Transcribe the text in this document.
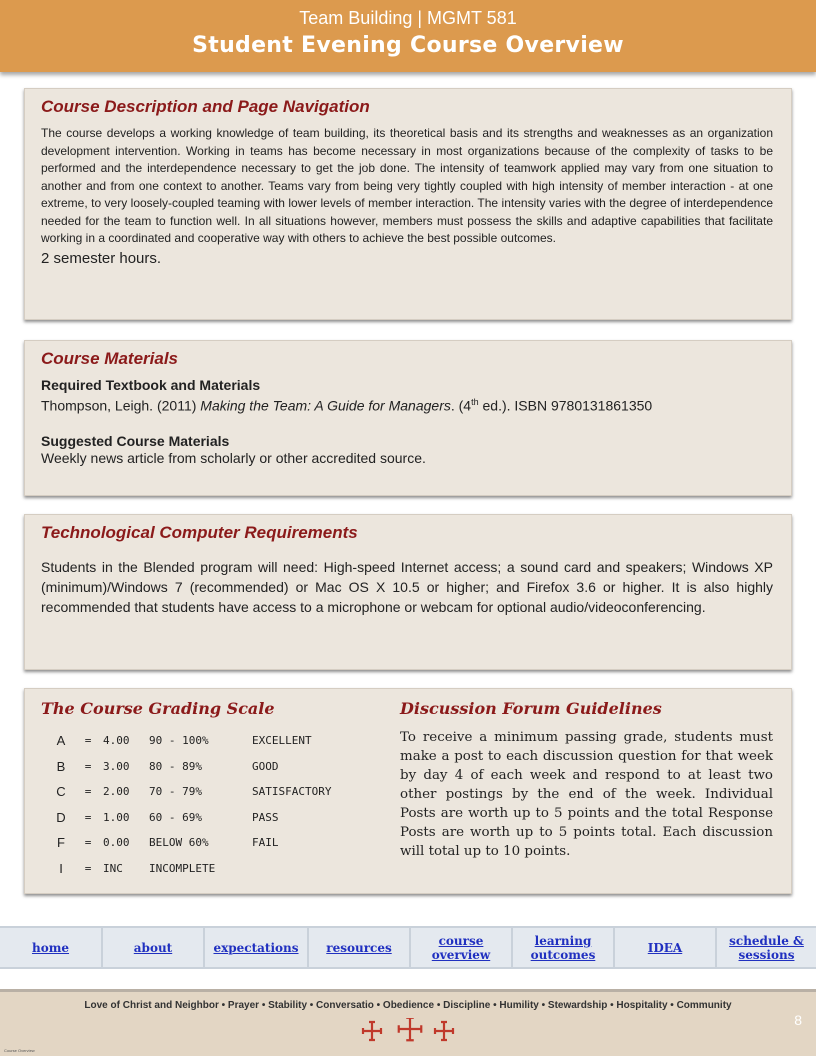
Team Building | MGMT 581
Student Evening Course Overview
Course Description and Page Navigation

The course develops a working knowledge of team building, its theoretical basis and its strengths and weaknesses as an organization development intervention. Working in teams has become necessary in most organizations because of the complexity of tasks to be performed and the interdependence necessary to get the job done. The intensity of teamwork applied may vary from one situation to another and from one context to another. Teams vary from being very tightly coupled with high intensity of member interaction - at one extreme, to very loosely-coupled teaming with lower levels of member interaction. The intensity varies with the degree of interdependence needed for the team to function well. In all situations however, members must possess the skills and adaptive capabilities that facilitate working in a coordinated and cooperative way with others to achieve the best possible outcomes.

2 semester hours.

Course Materials

Required Textbook and Materials

Thompson, Leigh. (2011) Making the Team: A Guide for Managers. (4th ed.). ISBN 9780131861350

Suggested Course Materials

Weekly news article from scholarly or other accredited source.

Technological Computer Requirements

Students in the Blended program will need: High-speed Internet access; a sound card and speakers; Windows XP (minimum)/Windows 7 (recommended) or Mac OS X 10.5 or higher; and Firefox 3.6 or higher. It is also highly recommended that students have access to a microphone or webcam for optional audio/videoconferencing.

The Course Grading Scale
A	=	4.00	90 - 100%	EXCELLENT
B	=	3.00	80 - 89%	GOOD
C	=	2.00	70 - 79%	SATISFACTORY
D	=	1.00	60 - 69%	PASS
F	=	0.00	BELOW 60%	FAIL
I	=	INC	INCOMPLETE
Discussion Forum Guidelines

To receive a minimum passing grade, students must make a post to each discussion question for that week by day 4 of each week and respond to at least two other postings by the end of the week. Individual Posts are worth up to 5 points and the total Response Posts are worth up to 5 points total. Each discussion will total up to 10 points.

home	about	expectations	resources	course overview
learning outcomes	IDEA	schedule & sessions
Love of Christ and Neighbor • Prayer • Stability • Conversatio • Obedience • Discipline • Humility • Stewardship • Hospitality • Community
8
Course Overview
